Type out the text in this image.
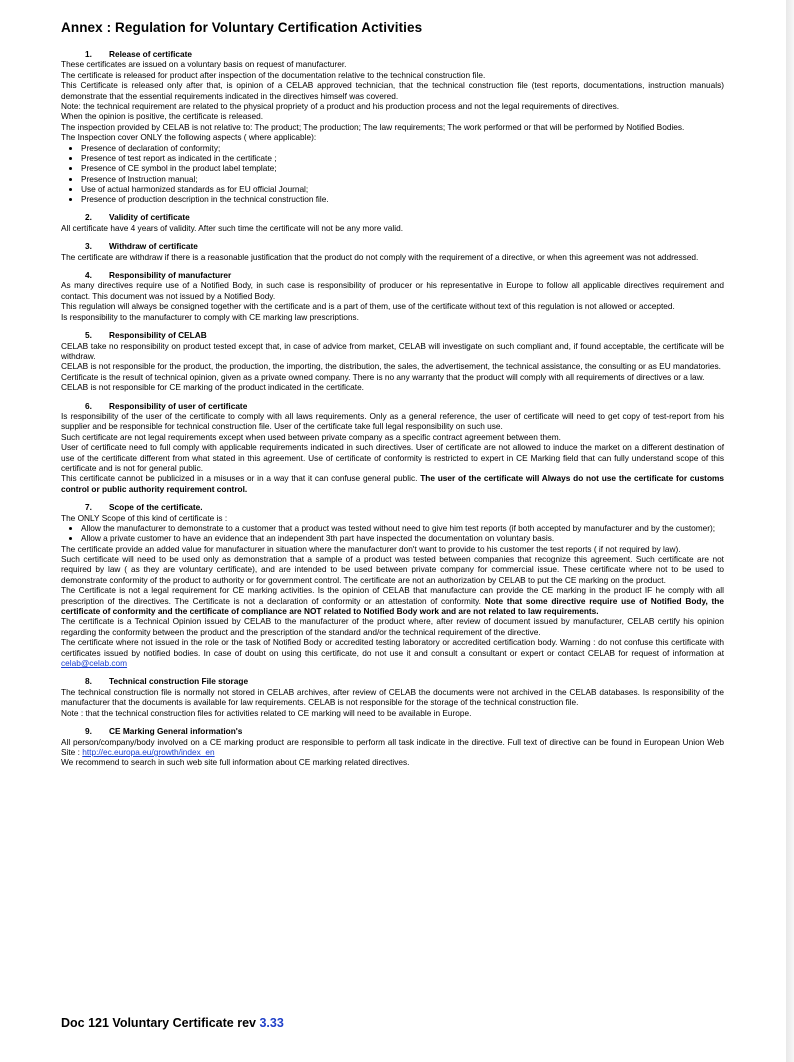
Annex : Regulation for Voluntary Certification Activities
1. Release of certificate

These certificates are issued on a voluntary basis on request of manufacturer.

The certificate is released for product after inspection of the documentation relative to the technical construction file.

This Certificate is released only after that, is opinion of a CELAB approved technician, that the technical construction file (test reports, documentations, instruction manuals) demonstrate that the essential requirements indicated in the directives himself was covered.

Note: the technical requirement are related to the physical propriety of a product and his production process and not the legal requirements of directives.

When the opinion is positive, the certificate is released.

The inspection provided by CELAB is not relative to: The product; The production; The law requirements; The work performed or that will be performed by Notified Bodies.

The Inspection cover ONLY the following aspects ( where applicable):

• Presence of declaration of conformity;
• Presence of test report as indicated in the certificate ;
• Presence of CE symbol in the product label template;
• Presence of Instruction manual;
• Use of actual harmonized standards as for EU official Journal;
• Presence of production description in the technical construction file.
2. Validity of certificate

All certificate have 4 years of validity. After such time the certificate will not be any more valid.

3. Withdraw of certificate

The certificate are withdraw if there is a reasonable justification that the product do not comply with the requirement of a directive, or when this agreement was not addressed.

4. Responsibility of manufacturer

As many directives require use of a Notified Body, in such case is responsibility of producer or his representative in Europe to follow all applicable directives requirement and contact. This document was not issued by a Notified Body.

This regulation will always be consigned together with the certificate and is a part of them, use of the certificate without text of this regulation is not allowed or accepted.

Is responsibility to the manufacturer to comply with CE marking law prescriptions.

5. Responsibility of CELAB

CELAB take no responsibility on product tested except that, in case of advice from market, CELAB will investigate on such compliant and, if found acceptable, the certificate will be withdraw.

CELAB is not responsible for the product, the production, the importing, the distribution, the sales, the advertisement, the technical assistance, the consulting or as EU mandatories.

Certificate is the result of technical opinion, given as a private owned company. There is no any warranty that the product will comply with all requirements of directives or a law.

CELAB is not responsible for CE marking of the product indicated in the certificate.

6. Responsibility of user of certificate

Is responsibility of the user of the certificate to comply with all laws requirements. Only as a general reference, the user of certificate will need to get copy of test-report from his supplier and be responsible for technical construction file. User of the certificate take full legal responsibility on such use.

Such certificate are not legal requirements except when used between private company as a specific contract agreement between them.

User of certificate need to full comply with applicable requirements indicated in such directives. User of certificate are not allowed to induce the market on a different destination of use of the certificate different from what stated in this agreement. Use of certificate of conformity is restricted to expert in CE Marking field that can fully understand scope of this certificate and is not for general public.

This certificate cannot be publicized in a misuses or in a way that it can confuse general public. The user of the certificate will Always do not use the certificate for customs control or public authority requirement control.

7. Scope of the certificate.

The ONLY Scope of this kind of certificate is :

• Allow the manufacturer to demonstrate to a customer that a product was tested without need to give him test reports (if both accepted by manufacturer and by the customer);
• Allow a private customer to have an evidence that an independent 3th part have inspected the documentation on voluntary basis.

The certificate provide an added value for manufacturer in situation where the manufacturer don't want to provide to his customer the test reports ( if not required by law).

Such certificate will need to be used only as demonstration that a sample of a product was tested between companies that recognize this agreement. Such certificate are not required by law ( as they are voluntary certificate), and are intended to be used between private company for commercial issue. These certificate where not to be used to demonstrate conformity of the product to authority or for government control. The certificate are not an authorization by CELAB to put the CE marking on the product.

The Certificate is not a legal requirement for CE marking activities. Is the opinion of CELAB that manufacture can provide the CE marking in the product IF he comply with all prescription of the directives. The Certificate is not a declaration of conformity or an attestation of conformity. Note that some directive require use of Notified Body, the certificate of conformity and the certificate of compliance are NOT related to Notified Body work and are not related to law requirements.

The certificate is a Technical Opinion issued by CELAB to the manufacturer of the product where, after review of document issued by manufacturer, CELAB certify his opinion regarding the conformity between the product and the prescription of the standard and/or the technical requirement of the directive.

The certificate where not issued in the role or the task of Notified Body or accredited testing laboratory or accredited certification body. Warning : do not confuse this certificate with certificates issued by notified bodies. In case of doubt on using this certificate, do not use it and consult a consultant or expert or contact CELAB for request of information at celab@celab.com

8. Technical construction File storage

The technical construction file is normally not stored in CELAB archives, after review of CELAB the documents were not archived in the CELAB databases. Is responsibility of the manufacturer that the documents is available for law requirements. CELAB is not responsible for the storage of the technical construction file.

Note : that the technical construction files for activities related to CE marking will need to be available in Europe.

9. CE Marking General information's

All person/company/body involved on a CE marking product are responsible to perform all task indicate in the directive. Full text of directive can be found in European Union Web Site : http://ec.europa.eu/growth/index_en

We recommend to search in such web site full information about CE marking related directives.

Doc 121 Voluntary Certificate rev 3.33
